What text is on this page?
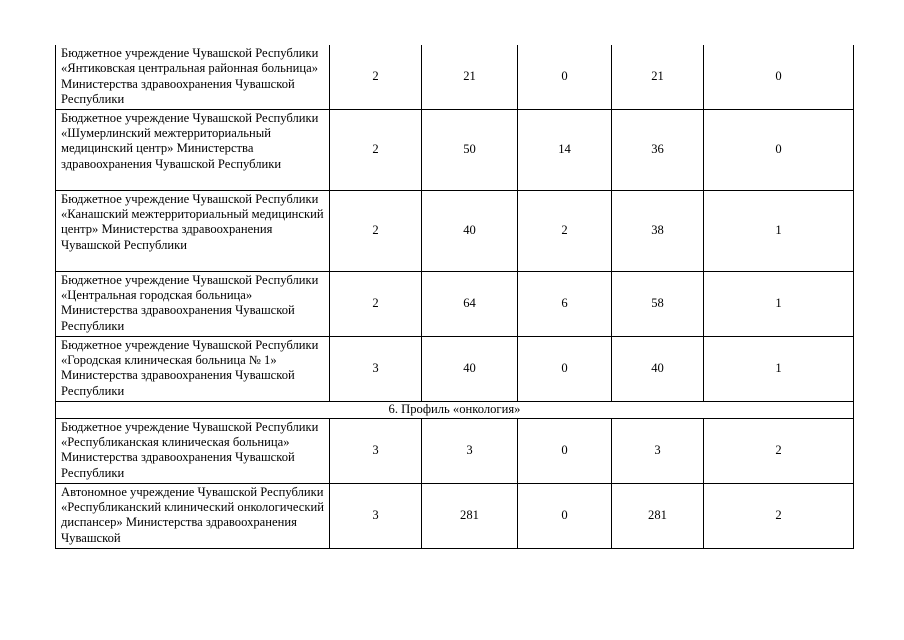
Бюджетное учреждение Чувашской Республики «Янтиковская центральная районная больница» Министерства здравоохранения Чувашской Республики	2	21	0	21	0
Бюджетное учреждение Чувашской Республики «Шумерлинский межтерриториальный медицинский центр» Министерства здравоохранения Чувашской Республики	2	50	14	36	0
Бюджетное учреждение Чувашской Республики «Канашский межтерриториальный медицинский центр» Министерства здравоохранения Чувашской Республики	2	40	2	38	1
Бюджетное учреждение Чувашской Республики «Центральная городская больница» Министерства здравоохранения Чувашской Республики	2	64	6	58	1
Бюджетное учреждение Чувашской Республики «Городская клиническая больница № 1» Министерства здравоохранения Чувашской Республики	3	40	0	40	1
6. Профиль «онкология»					
Бюджетное учреждение Чувашской Республики «Республиканская клиническая больница» Министерства здравоохранения Чувашской Республики	3	3	0	3	2
Автономное учреждение Чувашской Республики «Республиканский клинический онкологический диспансер» Министерства здравоохранения Чувашской	3	281	0	281	2
